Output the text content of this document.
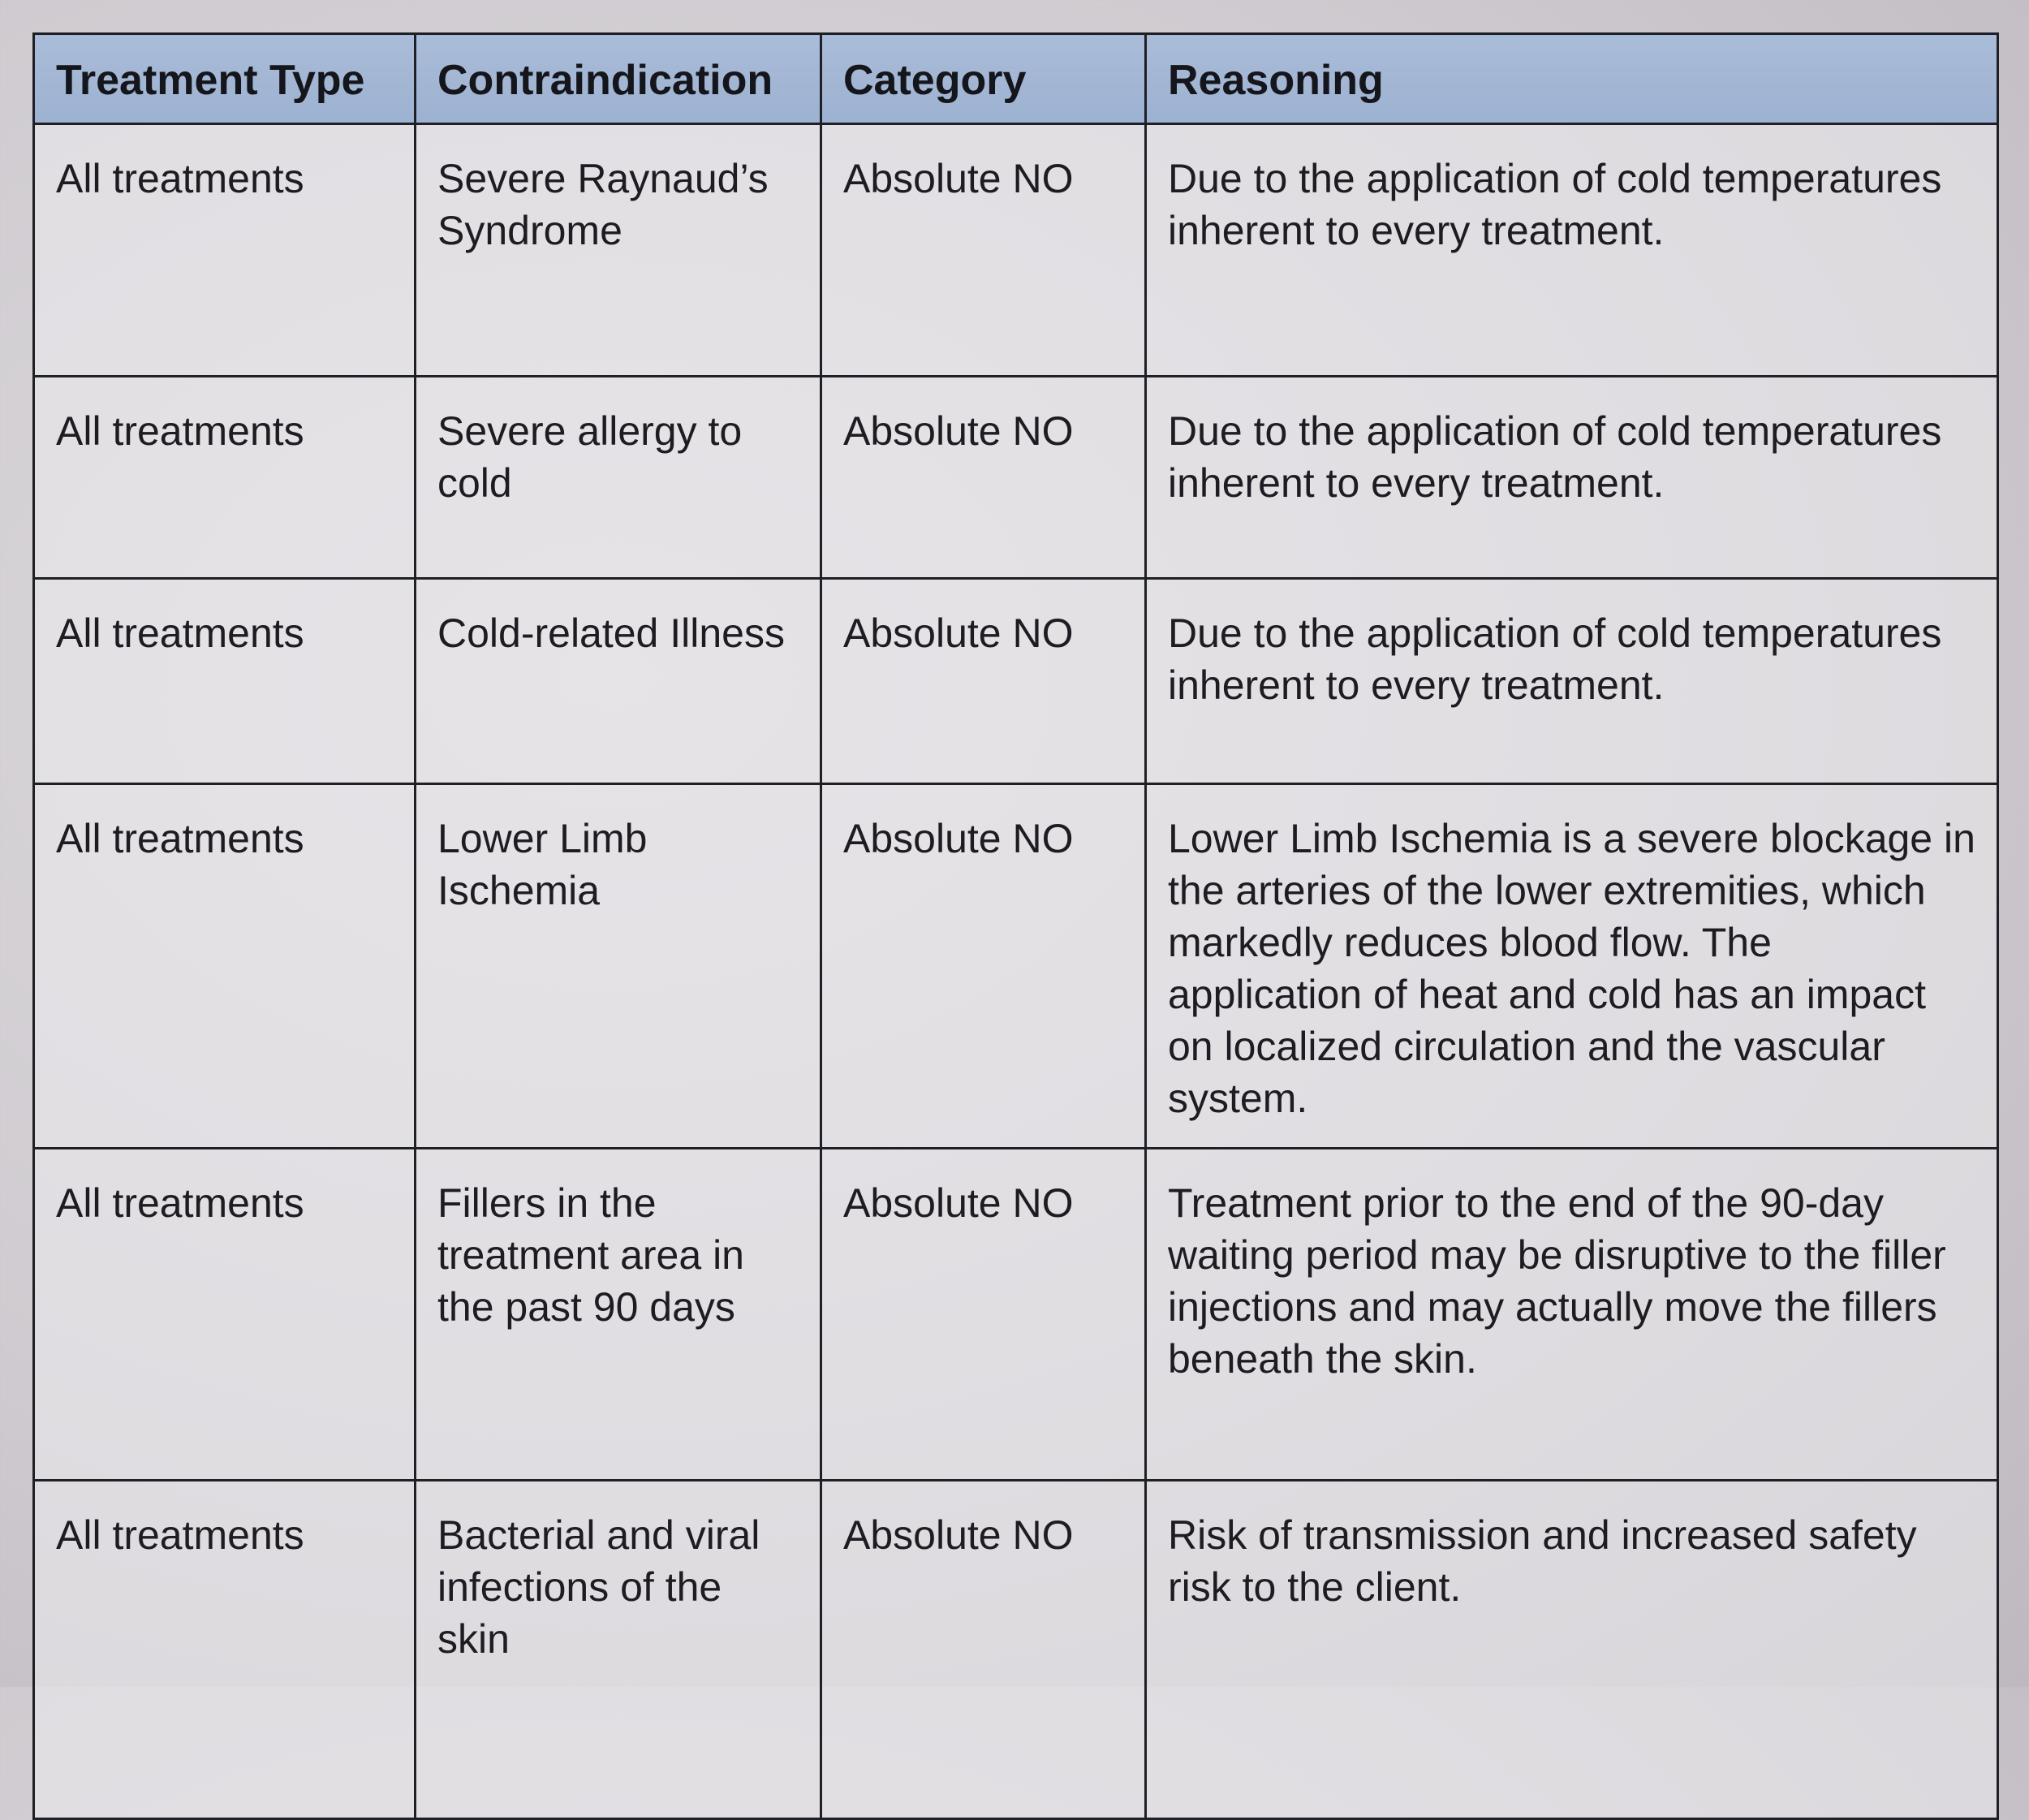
Treatment Type	Contraindication	Category	Reasoning
All treatments	Severe Raynaud’s Syndrome	Absolute NO	Due to the application of cold temperatures inherent to every treatment.
All treatments	Severe allergy to cold	Absolute NO	Due to the application of cold temperatures inherent to every treatment.
All treatments	Cold-related Illness	Absolute NO	Due to the application of cold temperatures inherent to every treatment.
All treatments	Lower Limb Ischemia	Absolute NO	Lower Limb Ischemia is a severe blockage in the arteries of the lower extremities, which markedly reduces blood flow. The application of heat and cold has an impact on localized circulation and the vascular system.
All treatments	Fillers in the treatment area in the past 90 days	Absolute NO	Treatment prior to the end of the 90-day waiting period may be disruptive to the filler injections and may actually move the fillers beneath the skin.
All treatments	Bacterial and viral infections of the skin	Absolute NO	Risk of transmission and increased safety risk to the client.
